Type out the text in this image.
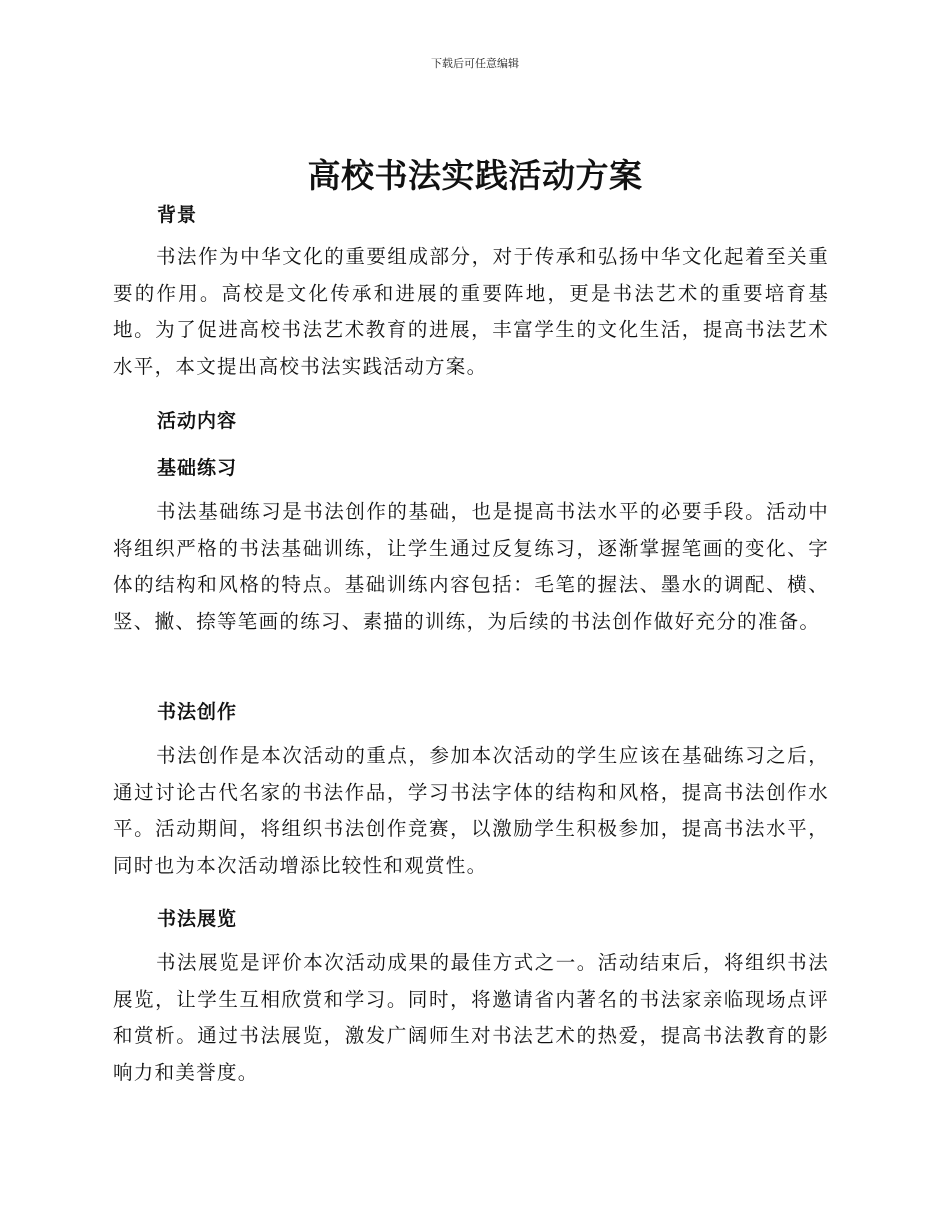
下载后可任意编辑
高校书法实践活动方案
背景

书法作为中华文化的重要组成部分，对于传承和弘扬中华文化起着至关重要的作用。高校是文化传承和进展的重要阵地，更是书法艺术的重要培育基地。为了促进高校书法艺术教育的进展，丰富学生的文化生活，提高书法艺术水平，本文提出高校书法实践活动方案。

活动内容
基础练习

书法基础练习是书法创作的基础，也是提高书法水平的必要手段。活动中将组织严格的书法基础训练，让学生通过反复练习，逐渐掌握笔画的变化、字体的结构和风格的特点。基础训练内容包括：毛笔的握法、墨水的调配、横、竖、撇、捺等笔画的练习、素描的训练，为后续的书法创作做好充分的准备。

书法创作

书法创作是本次活动的重点，参加本次活动的学生应该在基础练习之后，通过讨论古代名家的书法作品，学习书法字体的结构和风格，提高书法创作水平。活动期间，将组织书法创作竞赛，以激励学生积极参加，提高书法水平，同时也为本次活动增添比较性和观赏性。

书法展览

书法展览是评价本次活动成果的最佳方式之一。活动结束后，将组织书法展览，让学生互相欣赏和学习。同时，将邀请省内著名的书法家亲临现场点评和赏析。通过书法展览，激发广阔师生对书法艺术的热爱，提高书法教育的影响力和美誉度。
